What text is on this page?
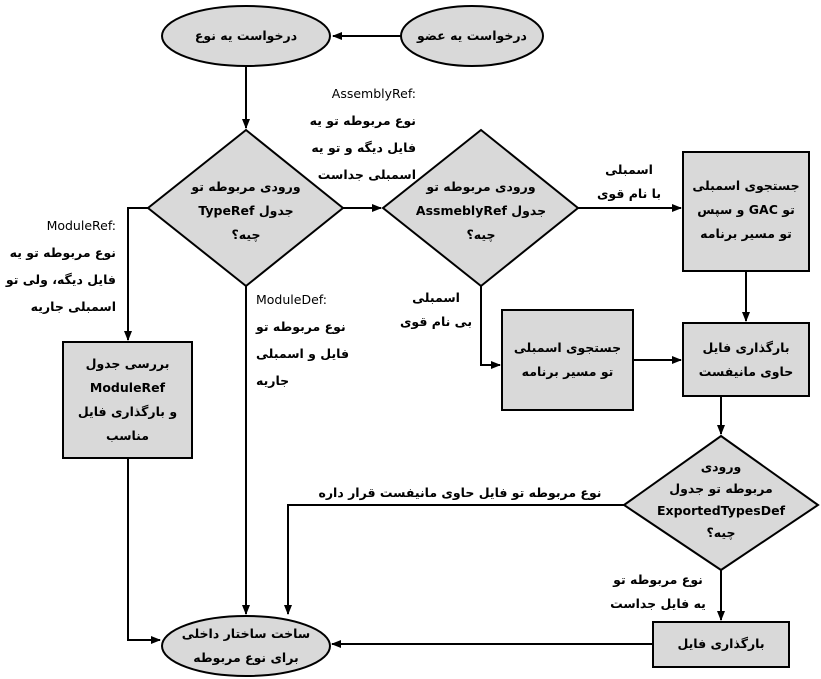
درخواست یه عضو
درخواست یه نوع
ورودی مربوطه تو
جدول TypeRef
چیه؟
ورودی مربوطه تو
جدول AssmeblyRef
چیه؟
جستجوی اسمبلی
تو GAC و سپس
تو مسیر برنامه
جستجوی اسمبلی
تو مسیر برنامه
بارگذاری فایل
حاوی مانیفست
بررسی جدول
ModuleRef
و بارگذاری فایل
مناسب
ورودی
مربوطه تو جدول
ExportedTypesDef
چیه؟
بارگذاری فایل
ساخت ساختار داخلی
برای نوع مربوطه
AssemblyRef:
نوع مربوطه تو یه
فایل دیگه و تو یه
اسمبلی جداست
ModuleRef:
نوع مربوطه تو یه
فایل دیگه، ولی تو
اسمبلی جاریه	ModuleDef:
نوع مربوطه تو
فایل و اسمبلی
جاریه
اسمبلی
با نام قوی
اسمبلی
بی نام قوی
نوع مربوطه تو فایل حاوی مانیفست قرار داره
نوع مربوطه تو
یه فایل جداست
